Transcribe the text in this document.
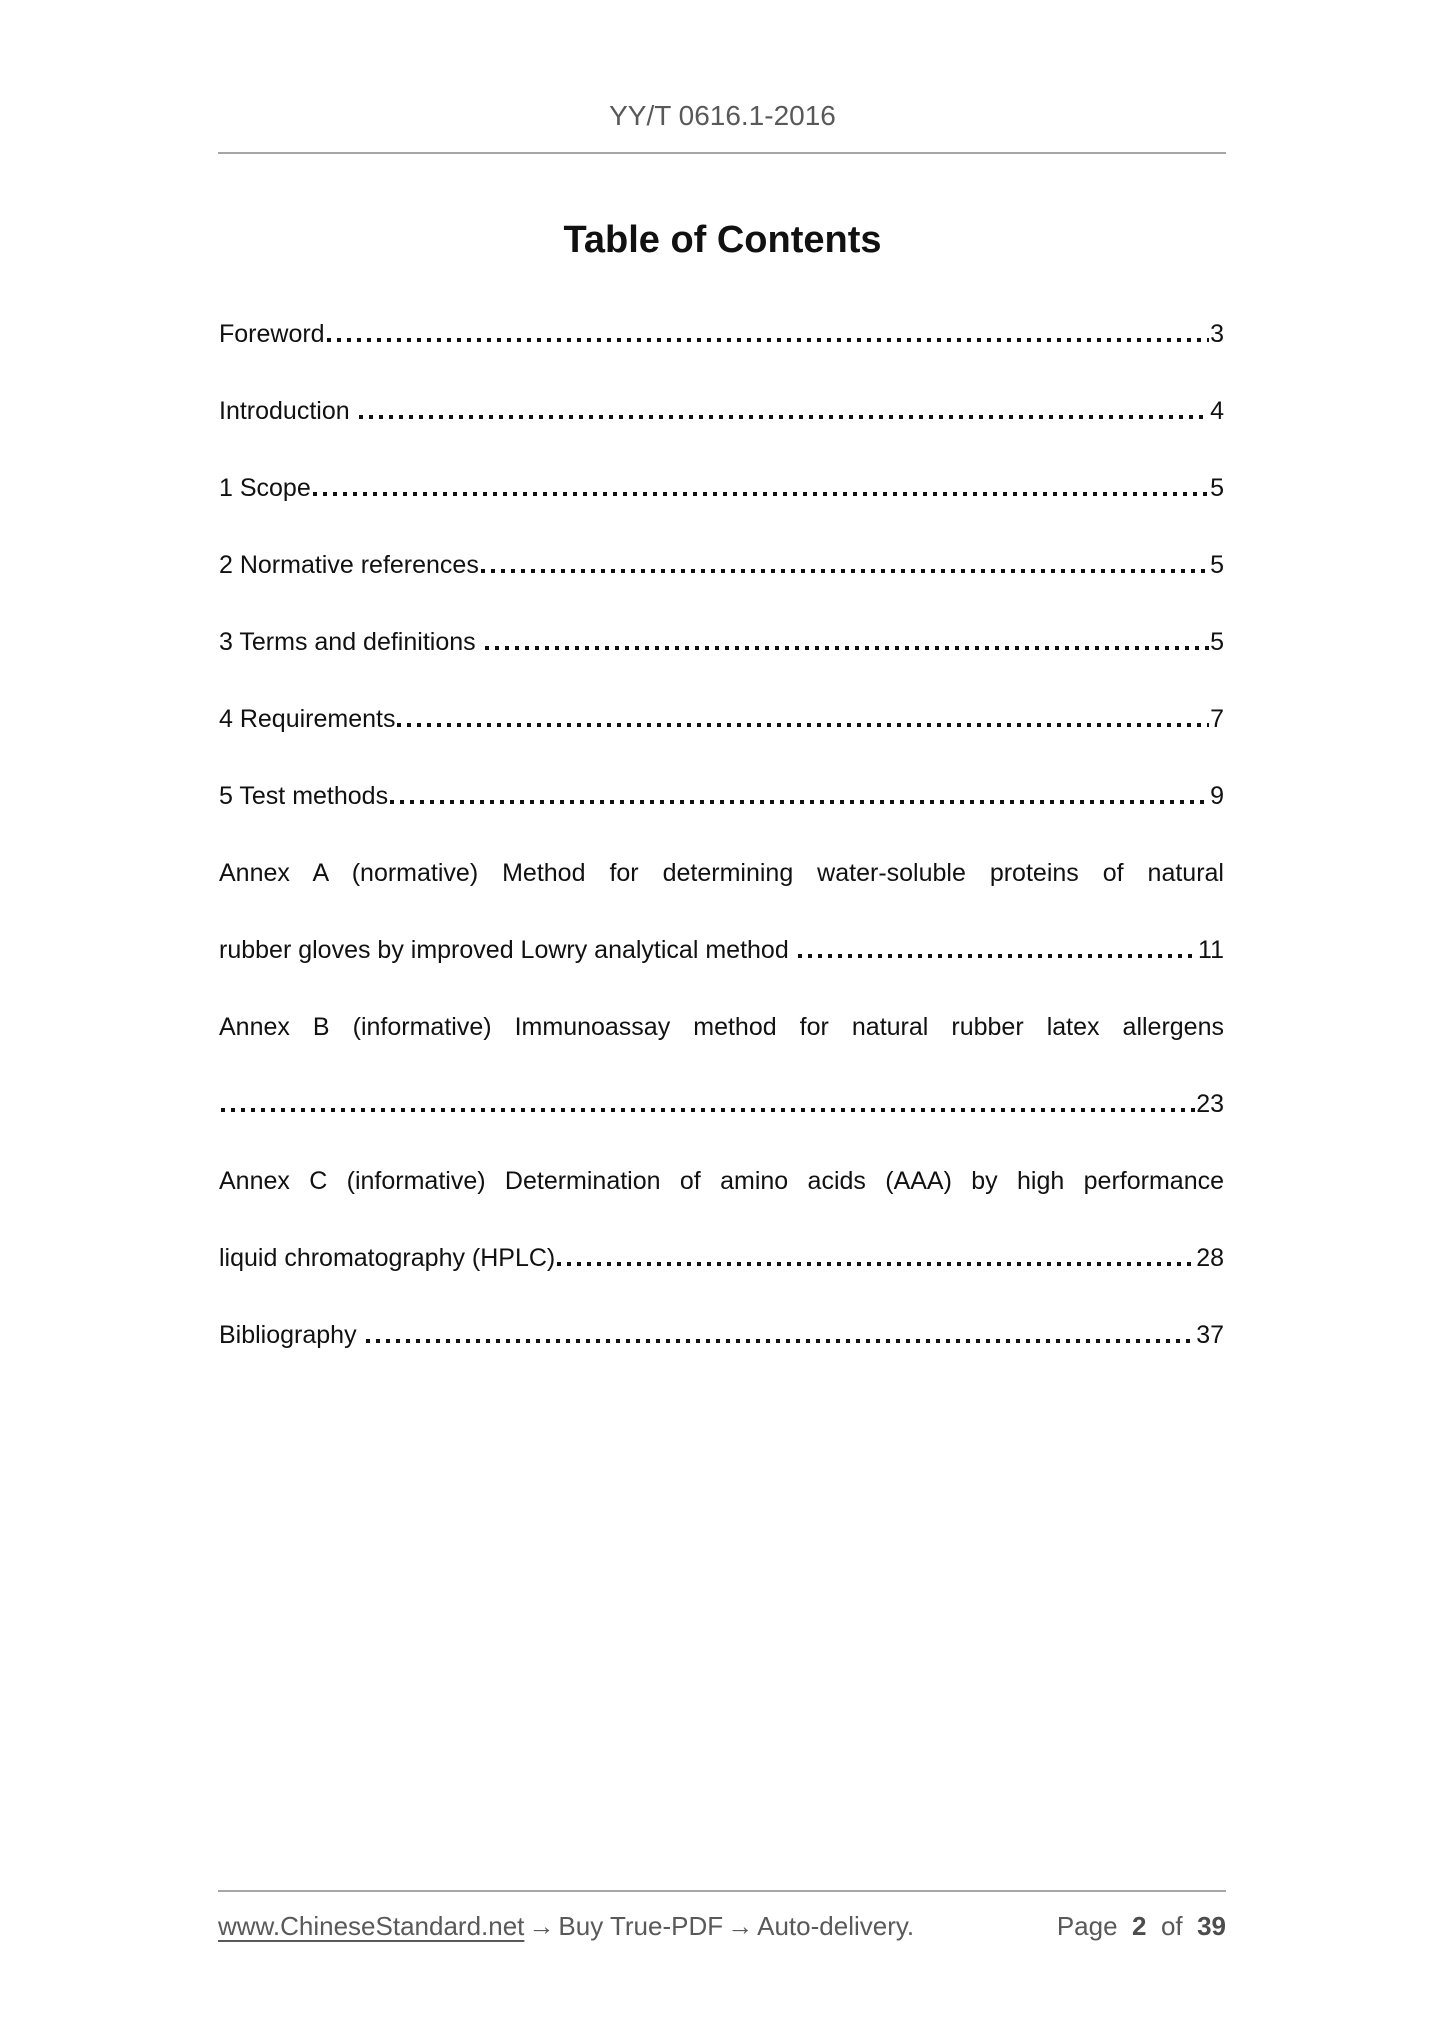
YY/T 0616.1-2016
Table of Contents
Foreword	3
Introduction	4
1 Scope	5
2 Normative references	5
3 Terms and definitions	5
4 Requirements	7
5 Test methods	9
Annex A (normative) Method for determining water-soluble proteins of natural
rubber gloves by improved Lowry analytical method	11
Annex B (informative) Immunoassay method for natural rubber latex allergens
23
Annex C (informative) Determination of amino acids (AAA) by high performance
liquid chromatography (HPLC)	28
Bibliography	37
www.ChineseStandard.net → Buy True-PDF → Auto-delivery.	Page 2 of 39
